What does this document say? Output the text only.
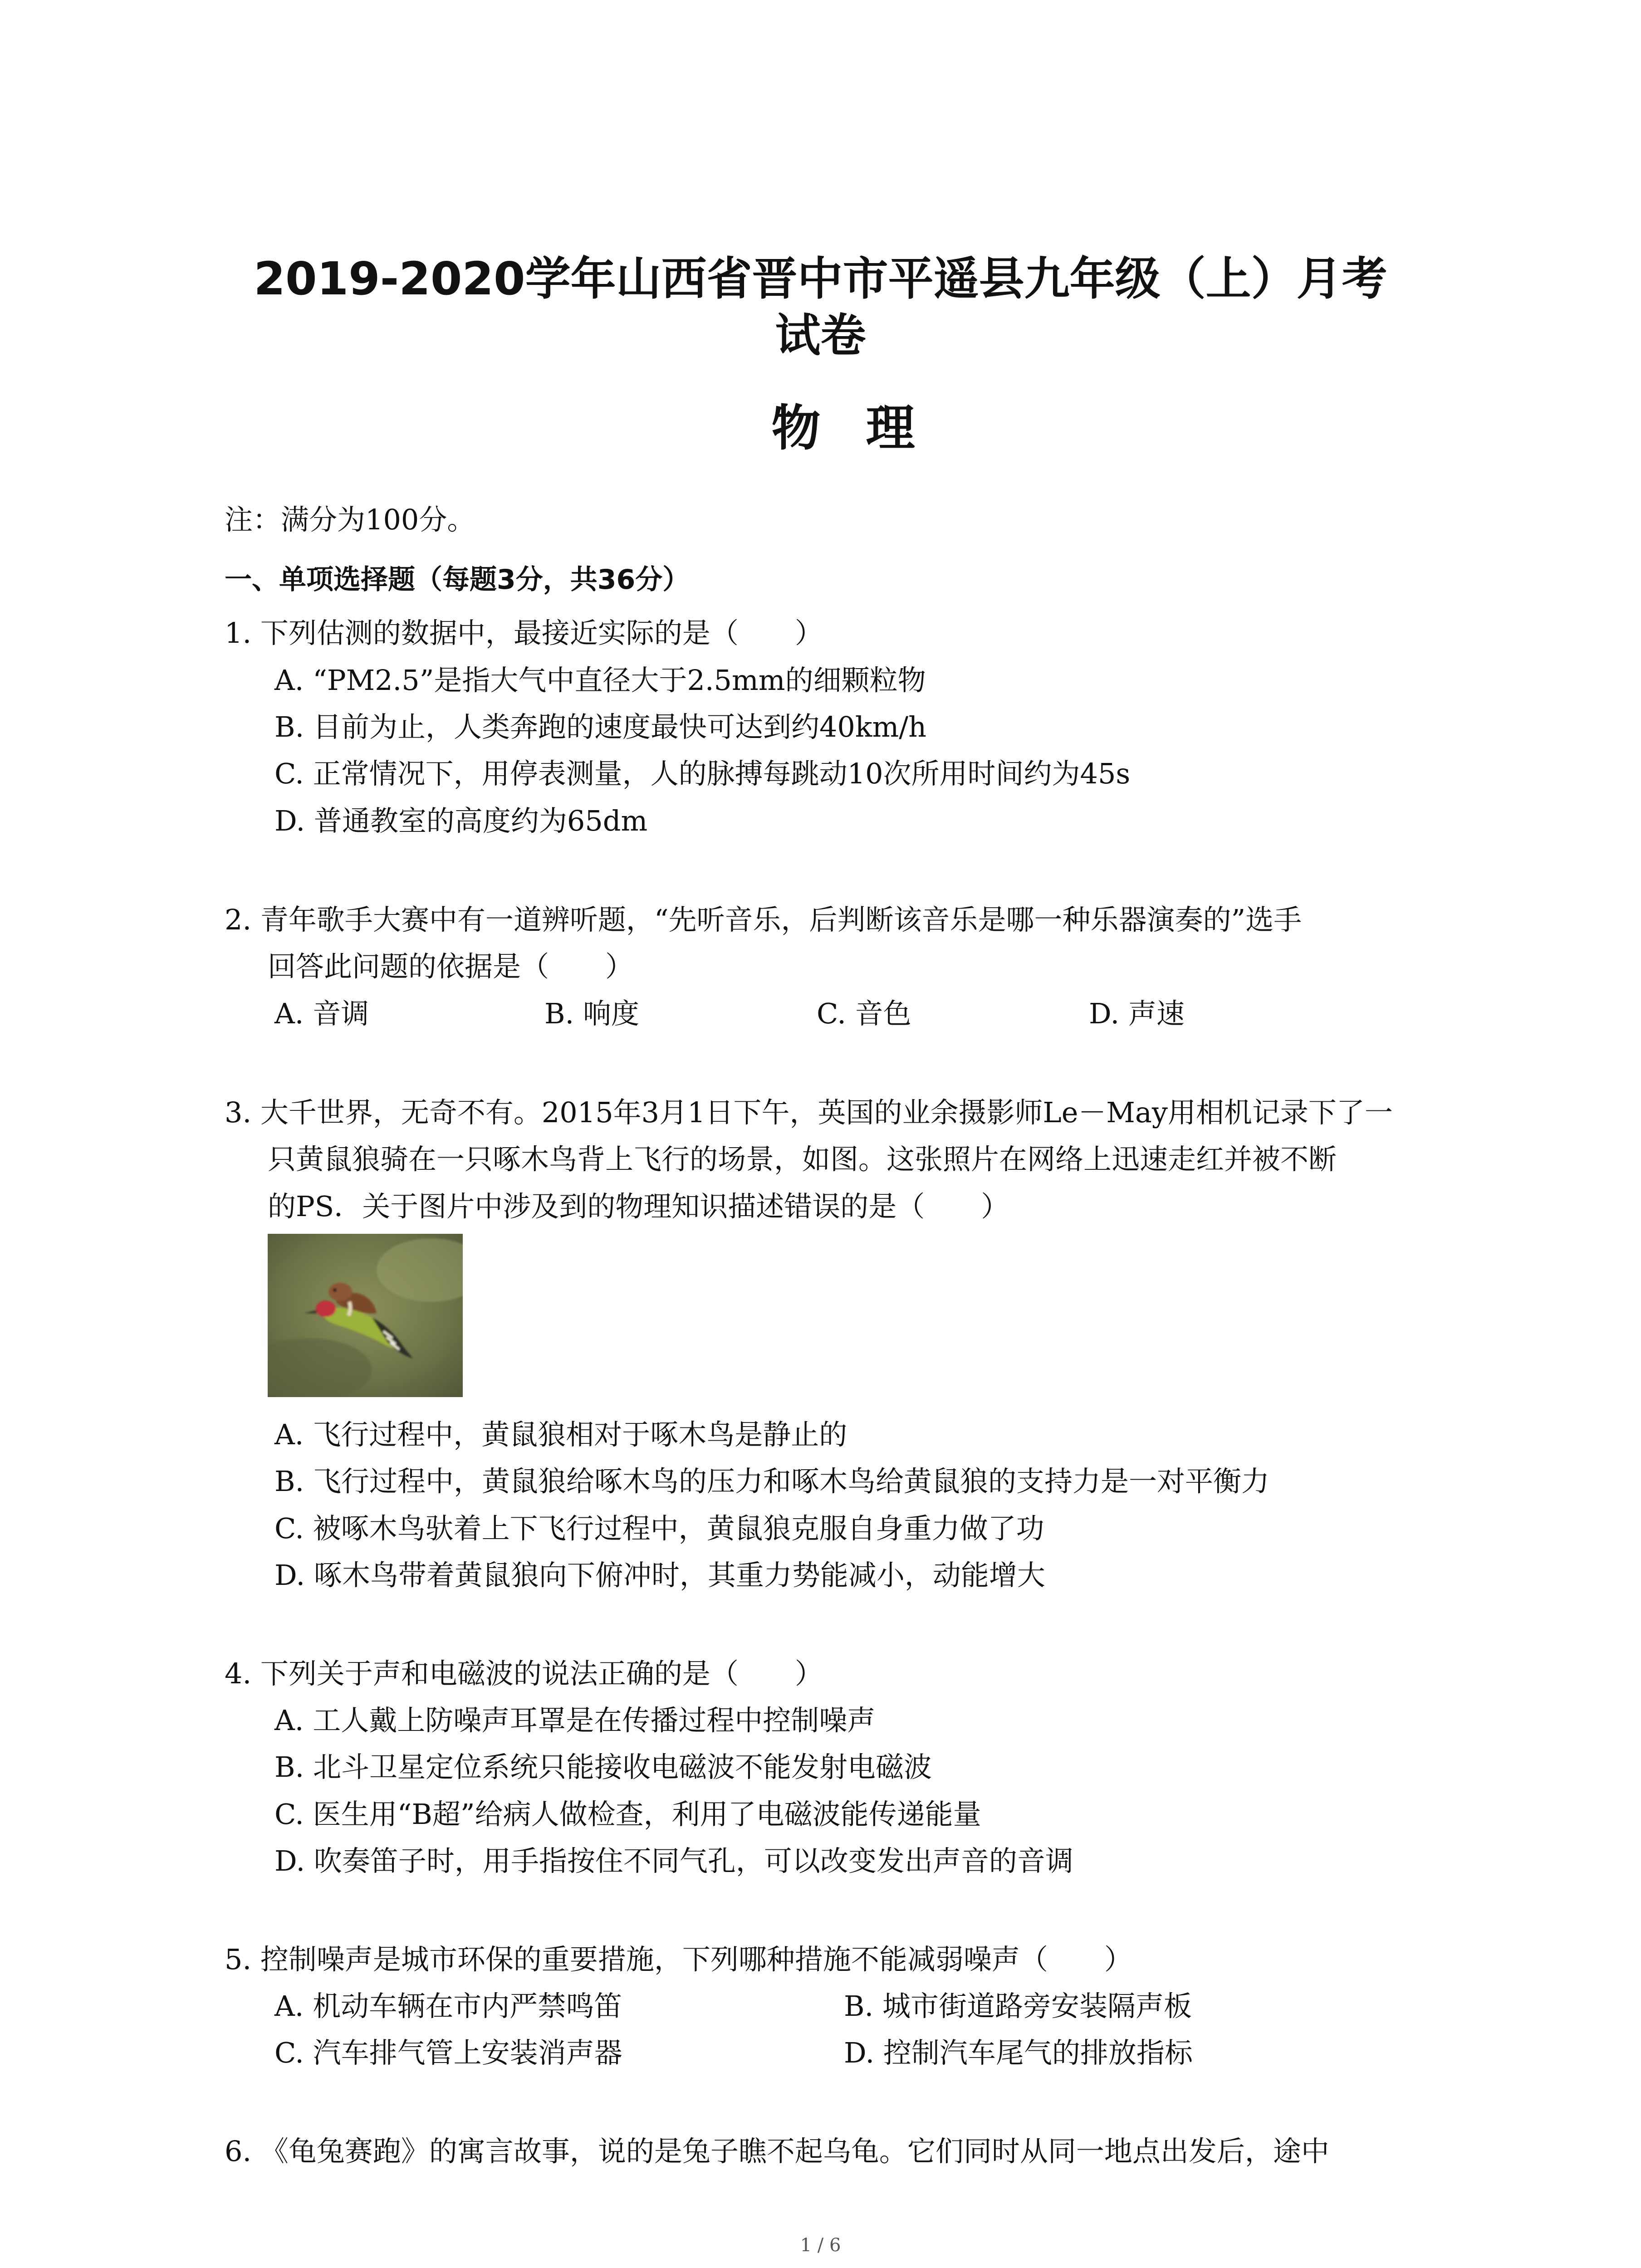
2019-2020学年山西省晋中市平遥县九年级（上）月考
试卷
物理
注：满分为100分。
一、单项选择题（每题3分，共36分）
1. 下列估测的数据中，最接近实际的是（　　）
A. “PM2.5”是指大气中直径大于2.5mm的细颗粒物
B. 目前为止，人类奔跑的速度最快可达到约40km/h
C. 正常情况下，用停表测量，人的脉搏每跳动10次所用时间约为45s
D. 普通教室的高度约为65dm
2. 青年歌手大赛中有一道辨听题，“先听音乐，后判断该音乐是哪一种乐器演奏的”选手
回答此问题的依据是（　　）
A. 音调	B. 响度	C. 音色	D. 声速
3. 大千世界，无奇不有。2015年3月1日下午，英国的业余摄影师Le－May用相机记录下了一
只黄鼠狼骑在一只啄木鸟背上飞行的场景，如图。这张照片在网络上迅速走红并被不断
的PS．关于图片中涉及到的物理知识描述错误的是（　　）
A. 飞行过程中，黄鼠狼相对于啄木鸟是静止的
B. 飞行过程中，黄鼠狼给啄木鸟的压力和啄木鸟给黄鼠狼的支持力是一对平衡力
C. 被啄木鸟驮着上下飞行过程中，黄鼠狼克服自身重力做了功
D. 啄木鸟带着黄鼠狼向下俯冲时，其重力势能减小，动能增大
4. 下列关于声和电磁波的说法正确的是（　　）
A. 工人戴上防噪声耳罩是在传播过程中控制噪声
B. 北斗卫星定位系统只能接收电磁波不能发射电磁波
C. 医生用“B超”给病人做检查，利用了电磁波能传递能量
D. 吹奏笛子时，用手指按住不同气孔，可以改变发出声音的音调
5. 控制噪声是城市环保的重要措施，下列哪种措施不能减弱噪声（　　）
A. 机动车辆在市内严禁鸣笛	B. 城市街道路旁安装隔声板
C. 汽车排气管上安装消声器	D. 控制汽车尾气的排放指标
6. 《龟兔赛跑》的寓言故事，说的是兔子瞧不起乌龟。它们同时从同一地点出发后，途中
1 / 6
